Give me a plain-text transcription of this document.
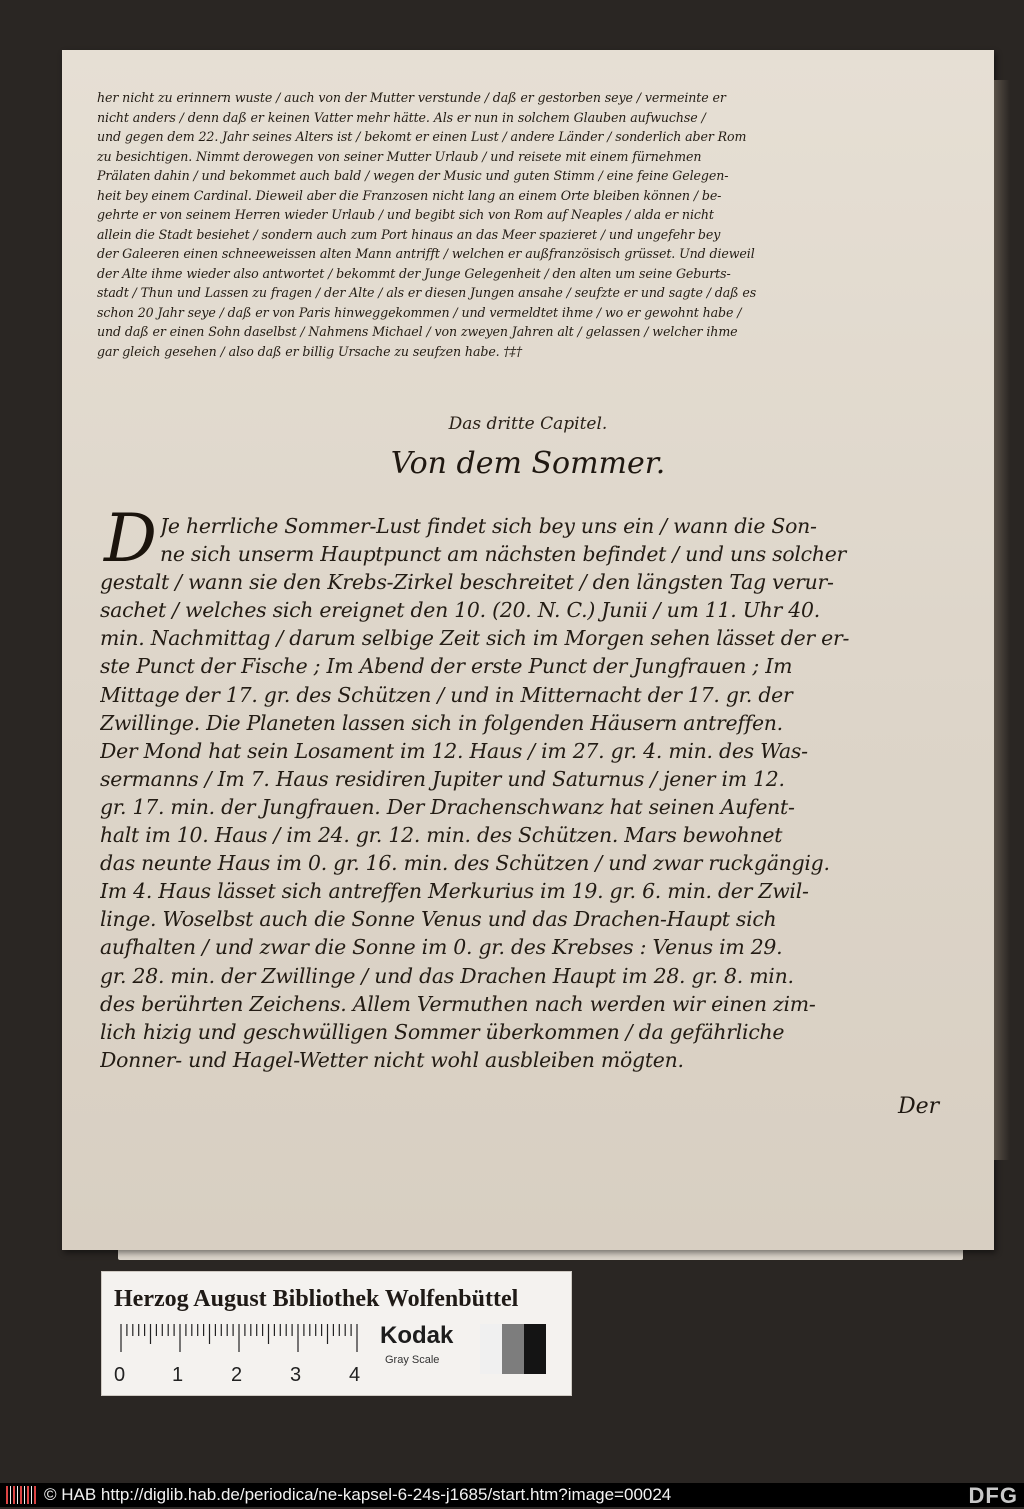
her nicht zu erinnern wuste / auch von der Mutter verstunde / daß er gestorben seye / vermeinte er
nicht anders / denn daß er keinen Vatter mehr hätte. Als er nun in solchem Glauben aufwuchse /
und gegen dem 22. Jahr seines Alters ist / bekomt er einen Lust / andere Länder / sonderlich aber Rom
zu besichtigen. Nimmt derowegen von seiner Mutter Urlaub / und reisete mit einem fürnehmen
Prälaten dahin / und bekommet auch bald / wegen der Music und guten Stimm / eine feine Gelegen-
heit bey einem Cardinal. Dieweil aber die Franzosen nicht lang an einem Orte bleiben können / be-
gehrte er von seinem Herren wieder Urlaub / und begibt sich von Rom auf Neaples / alda er nicht
allein die Stadt besiehet / sondern auch zum Port hinaus an das Meer spazieret / und ungefehr bey
der Galeeren einen schneeweissen alten Mann antrifft / welchen er außfranzösisch grüsset. Und dieweil
der Alte ihme wieder also antwortet / bekommt der Junge Gelegenheit / den alten um seine Geburts-
stadt / Thun und Lassen zu fragen / der Alte / als er diesen Jungen ansahe / seufzte er und sagte / daß es
schon 20 Jahr seye / daß er von Paris hinweggekommen / und vermeldtet ihme / wo er gewohnt habe /
und daß er einen Sohn daselbst / Nahmens Michael / von zweyen Jahren alt / gelassen / welcher ihme
gar gleich gesehen / also daß er billig Ursache zu seufzen habe. †‡†
Das dritte Capitel.
Von dem Sommer.
D Je herrliche Sommer-Lust findet sich bey uns ein / wann die Son-
ne sich unserm Hauptpunct am nächsten befindet / und uns solcher
gestalt / wann sie den Krebs-Zirkel beschreitet / den längsten Tag verur-
sachet / welches sich ereignet den 10. (20. N. C.) Junii / um 11. Uhr 40.
min. Nachmittag / darum selbige Zeit sich im Morgen sehen lässet der er-
ste Punct der Fische ; Im Abend der erste Punct der Jungfrauen ; Im
Mittage der 17. gr. des Schützen / und in Mitternacht der 17. gr. der
Zwillinge. Die Planeten lassen sich in folgenden Häusern antreffen.
Der Mond hat sein Losament im 12. Haus / im 27. gr. 4. min. des Was-
sermanns / Im 7. Haus residiren Jupiter und Saturnus / jener im 12.
gr. 17. min. der Jungfrauen. Der Drachenschwanz hat seinen Aufent-
halt im 10. Haus / im 24. gr. 12. min. des Schützen. Mars bewohnet
das neunte Haus im 0. gr. 16. min. des Schützen / und zwar ruckgängig.
Im 4. Haus lässet sich antreffen Merkurius im 19. gr. 6. min. der Zwil-
linge. Woselbst auch die Sonne Venus und das Drachen-Haupt sich
aufhalten / und zwar die Sonne im 0. gr. des Krebses : Venus im 29.
gr. 28. min. der Zwillinge / und das Drachen Haupt im 28. gr. 8. min.
des berührten Zeichens. Allem Vermuthen nach werden wir einen zim-
lich hizig und geschwülligen Sommer überkommen / da gefährliche
Donner- und Hagel-Wetter nicht wohl ausbleiben mögten.
Der
Herzog August Bibliothek Wolfenbüttel
0 1 2 3 4
Kodak
Gray Scale
© HAB http://diglib.hab.de/periodica/ne-kapsel-6-24s-j1685/start.htm?image=00024	DFG
